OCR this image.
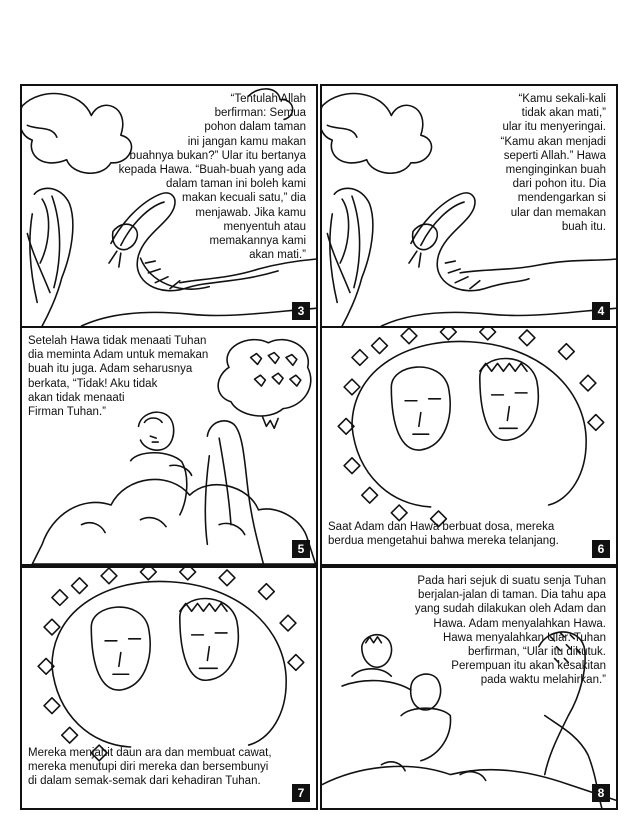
“Tentulah Allah
berfirman: Semua
pohon dalam taman
ini jangan kamu makan
buahnya bukan?” Ular itu bertanya
kepada Hawa. “Buah-buah yang ada
dalam taman ini boleh kami
makan kecuali satu,” dia
menjawab. Jika kamu
menyentuh atau
memakannya kami
akan mati.”
3
“Kamu sekali-kali
tidak akan mati,”
ular itu menyeringai.
“Kamu akan menjadi
seperti Allah.” Hawa
menginginkan buah
dari pohon itu. Dia
mendengarkan si
ular dan memakan
buah itu.
4
Setelah Hawa tidak menaati Tuhan
dia meminta Adam untuk memakan
buah itu juga. Adam seharusnya
berkata, “Tidak! Aku tidak
akan tidak menaati
Firman Tuhan.”
5
Saat Adam dan Hawa berbuat dosa, mereka
berdua mengetahui bahwa mereka telanjang.
6
Mereka menjahit daun ara dan membuat cawat,
mereka menutupi diri mereka dan bersembunyi
di dalam semak-semak dari kehadiran Tuhan.
7
Pada hari sejuk di suatu senja Tuhan
berjalan-jalan di taman. Dia tahu apa
yang sudah dilakukan oleh Adam dan
Hawa. Adam menyalahkan Hawa.
Hawa menyalahkan Ular. Tuhan
berfirman, “Ular itu dikutuk.
Perempuan itu akan kesakitan
pada waktu melahirkan.”
8
